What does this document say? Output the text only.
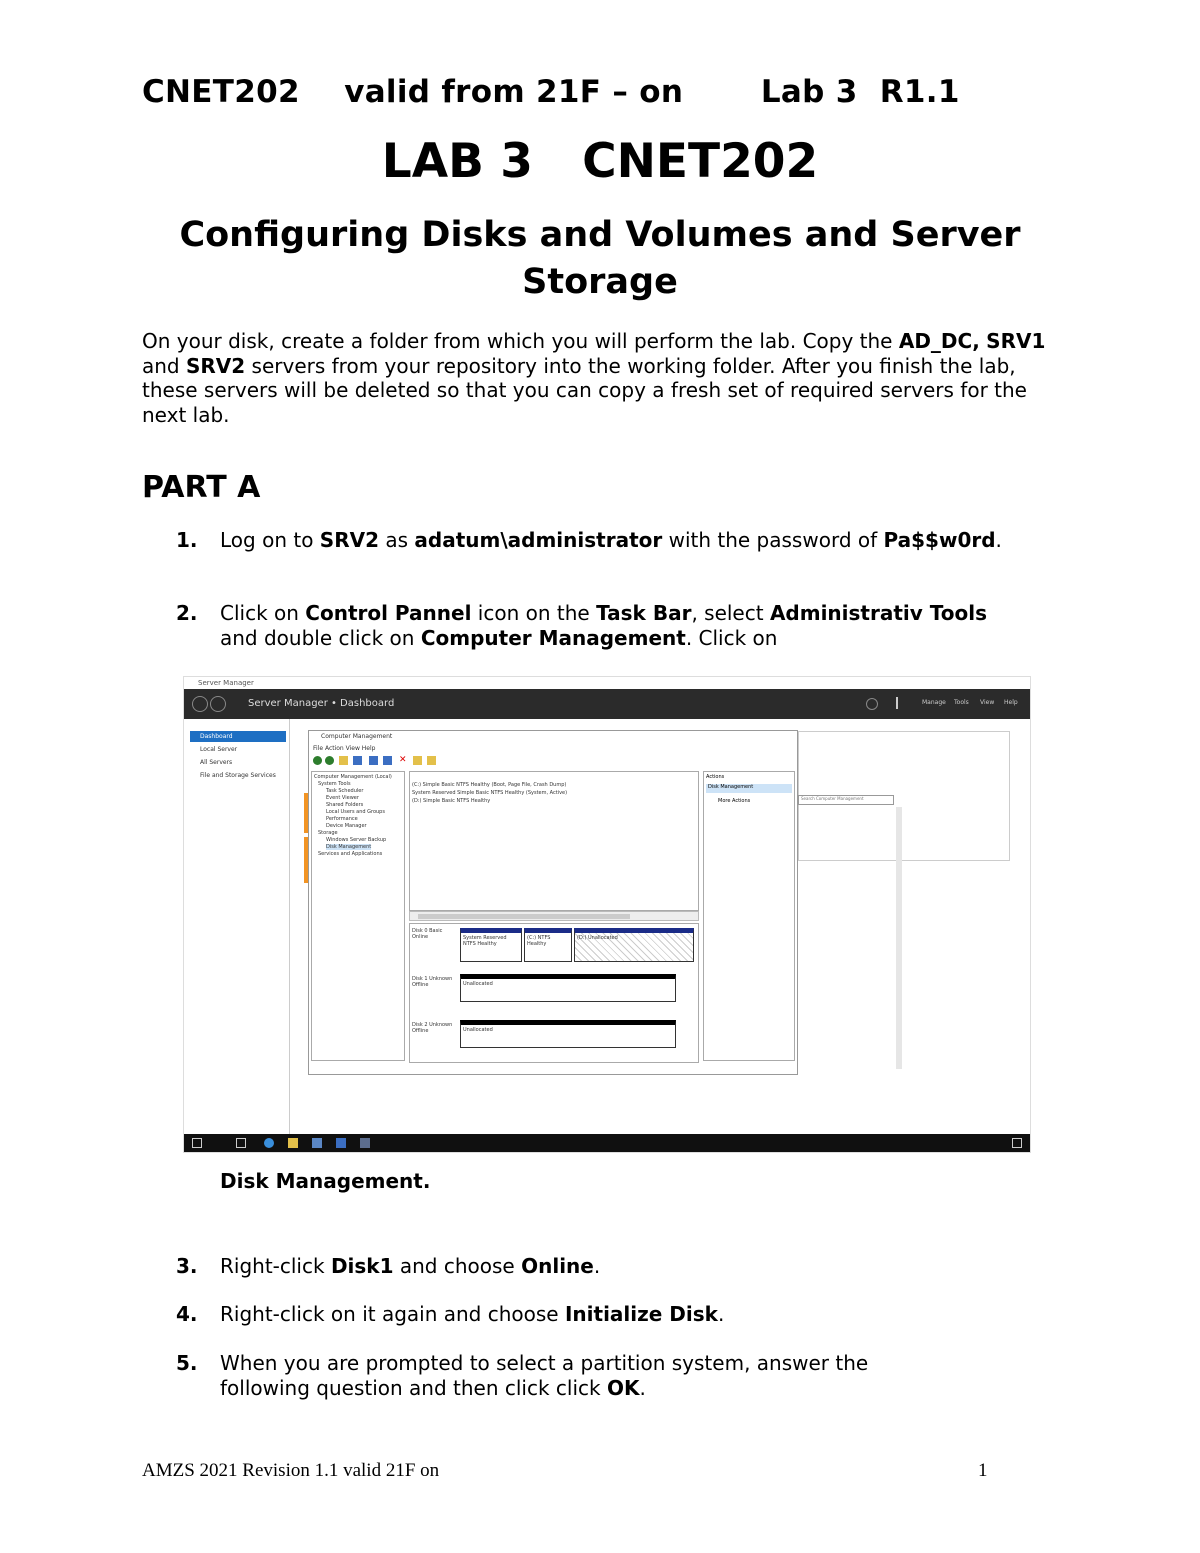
CNET202    valid from 21F – on       Lab 3  R1.1
LAB 3   CNET202
Configuring Disks and Volumes and Server Storage
On your disk, create a folder from which you will perform the lab. Copy the AD_DC, SRV1 and SRV2 servers from your repository into the working folder. After you finish the lab, these servers will be deleted so that you can copy a fresh set of required servers for the next lab.
PART A
1. Log on to SRV2 as adatum\administrator with the password of Pa$$w0rd.
2. Click on Control Pannel icon on the Task Bar, select Administrativ Tools and double click on Computer Management. Click on Disk Management.
Server Manager
Server Manager • Dashboard	Manage Tools View Help
Dashboard
Local Server
All Servers
File and Storage Services
Computer Management
File Action View Help
✕
Computer Management (Local)
System Tools
Task Scheduler
Event Viewer
Shared Folders
Local Users and Groups
Performance
Device Manager
Storage
Windows Server Backup
Disk Management
Services and Applications
(C:) Simple Basic NTFS Healthy (Boot, Page File, Crash Dump)
System Reserved Simple Basic NTFS Healthy (System, Active)
(D:) Simple Basic NTFS Healthy
Disk 0 Basic Online	System Reserved NTFS Healthy
(C:) NTFS Healthy
(D:) Unallocated
Disk 1 Unknown Offline	Unallocated
Disk 2 Unknown Offline	Unallocated
Actions
Disk Management
More Actions	Search Computer Management
3. Right-click Disk1 and choose Online.
4. Right-click on it again and choose Initialize Disk.
5. When you are prompted to select a partition system, answer the following question and then click click OK.
AMZS 2021 Revision 1.1 valid 21F on	1
